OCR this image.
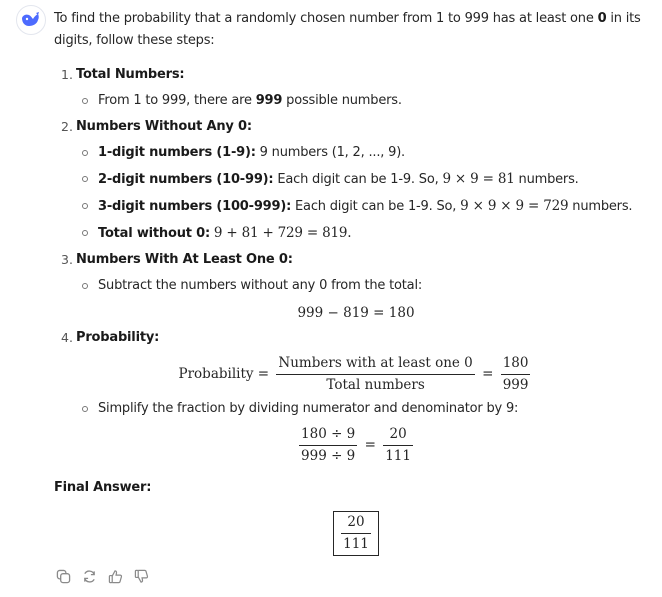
To find the probability that a randomly chosen number from 1 to 999 has at least one 0 in its digits, follow these steps:
1. Total Numbers:
From 1 to 999, there are 999 possible numbers.
2. Numbers Without Any 0:
1-digit numbers (1-9): 9 numbers (1, 2, ..., 9).
2-digit numbers (10-99): Each digit can be 1-9. So, 9 × 9 = 81 numbers.
3-digit numbers (100-999): Each digit can be 1-9. So, 9 × 9 × 9 = 729 numbers.
Total without 0: 9 + 81 + 729 = 819.
3. Numbers With At Least One 0:
Subtract the numbers without any 0 from the total:
999 − 819 = 180
4. Probability:
Probability = $\frac{\text{Numbers with at least one 0}}{\text{Total numbers}} = \frac{180}{999}$
Simplify the fraction by dividing numerator and denominator by 9:
$\frac{180 \div 9}{999 \div 9} = \frac{20}{111}$
Final Answer:
$\frac{20}{111}$
